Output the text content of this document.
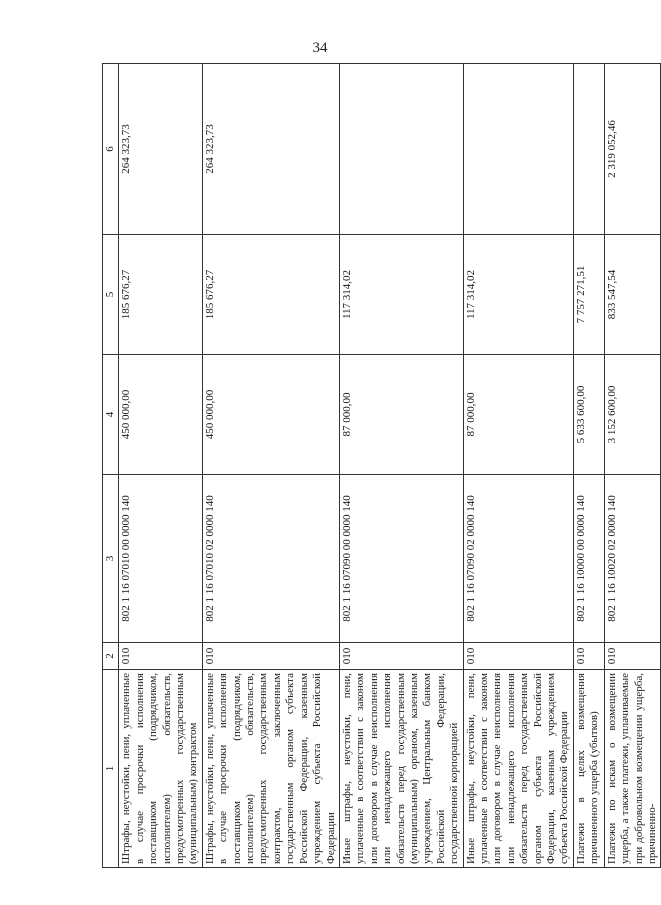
34
1	2	3	4	5	6
Штрафы, неустойки, пени, уплаченные в случае просрочки исполнения поставщиком (подрядчиком, исполнителем) обязательств, предусмотренных государственным (муниципальным) контрактом	010	802 1 16 07010 00 0000 140	450 000,00	185 676,27	264 323,73
Штрафы, неустойки, пени, уплаченные в случае просрочки исполнения поставщиком (подрядчиком, исполнителем) обязательств, предусмотренных государственным контрактом, заключенным государственным органом субъекта Российской Федерации, казенным учреждением субъекта Российской Федерации	010	802 1 16 07010 02 0000 140	450 000,00	185 676,27	264 323,73
Иные штрафы, неустойки, пени, уплаченные в соответствии с законом или договором в случае неисполнения или ненадлежащего исполнения обязательств перед государственным (муниципальным) органом, казенным учреждением, Центральным банком Российской Федерации, государственной корпорацией	010	802 1 16 07090 00 0000 140	87 000,00	117 314,02	
Иные штрафы, неустойки, пени, уплаченные в соответствии с законом или договором в случае неисполнения или ненадлежащего исполнения обязательств перед государственным органом субъекта Российской Федерации, казенным учреждением субъекта Российской Федерации	010	802 1 16 07090 02 0000 140	87 000,00	117 314,02	
Платежи в целях возмещения причиненного ущерба (убытков)	010	802 1 16 10000 00 0000 140	5 633 600,00	7 757 271,51	
Платежи по искам о возмещении ущерба, а также платежи, уплачиваемые при добровольном возмещении ущерба, причиненно-	010	802 1 16 10020 02 0000 140	3 152 600,00	833 547,54	2 319 052,46
